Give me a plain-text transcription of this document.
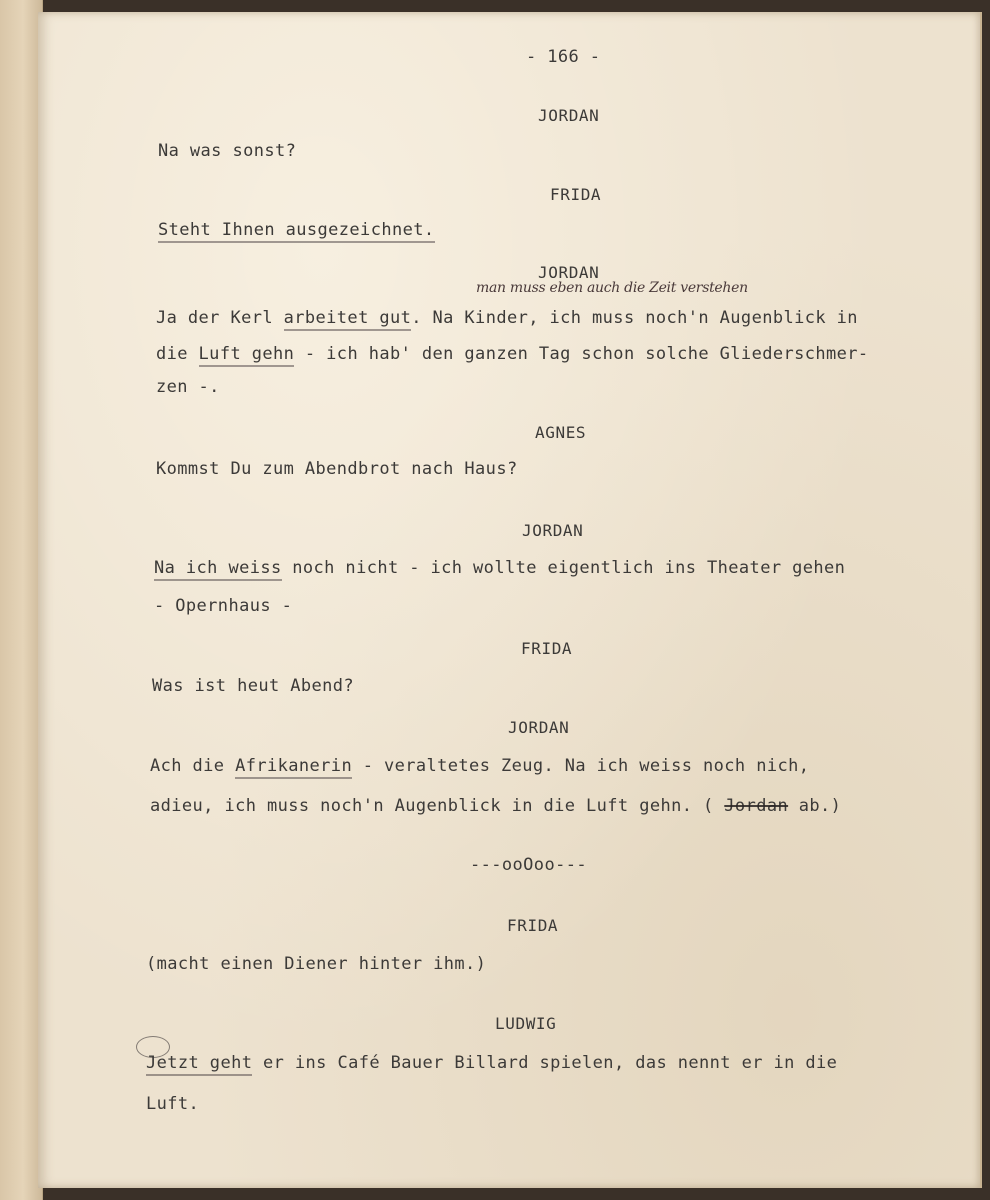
- 166 -
JORDAN
Na was sonst?
FRIDA
Steht Ihnen ausgezeichnet.
JORDAN
man muss eben auch die Zeit verstehen
Ja der Kerl arbeitet gut. Na Kinder, ich muss noch'n Augenblick in
die Luft gehn - ich hab' den ganzen Tag schon solche Gliederschmer-
zen -.
AGNES
Kommst Du zum Abendbrot nach Haus?
JORDAN
Na ich weiss noch nicht - ich wollte eigentlich ins Theater gehen
- Opernhaus -
FRIDA
Was ist heut Abend?
JORDAN
Ach die Afrikanerin - veraltetes Zeug. Na ich weiss noch nich,
adieu, ich muss noch'n Augenblick in die Luft gehn. ( Jordan ab.)
---ooOoo---
FRIDA
(macht einen Diener hinter ihm.)
LUDWIG
Jetzt geht er ins Café Bauer Billard spielen, das nennt er in die
Luft.
